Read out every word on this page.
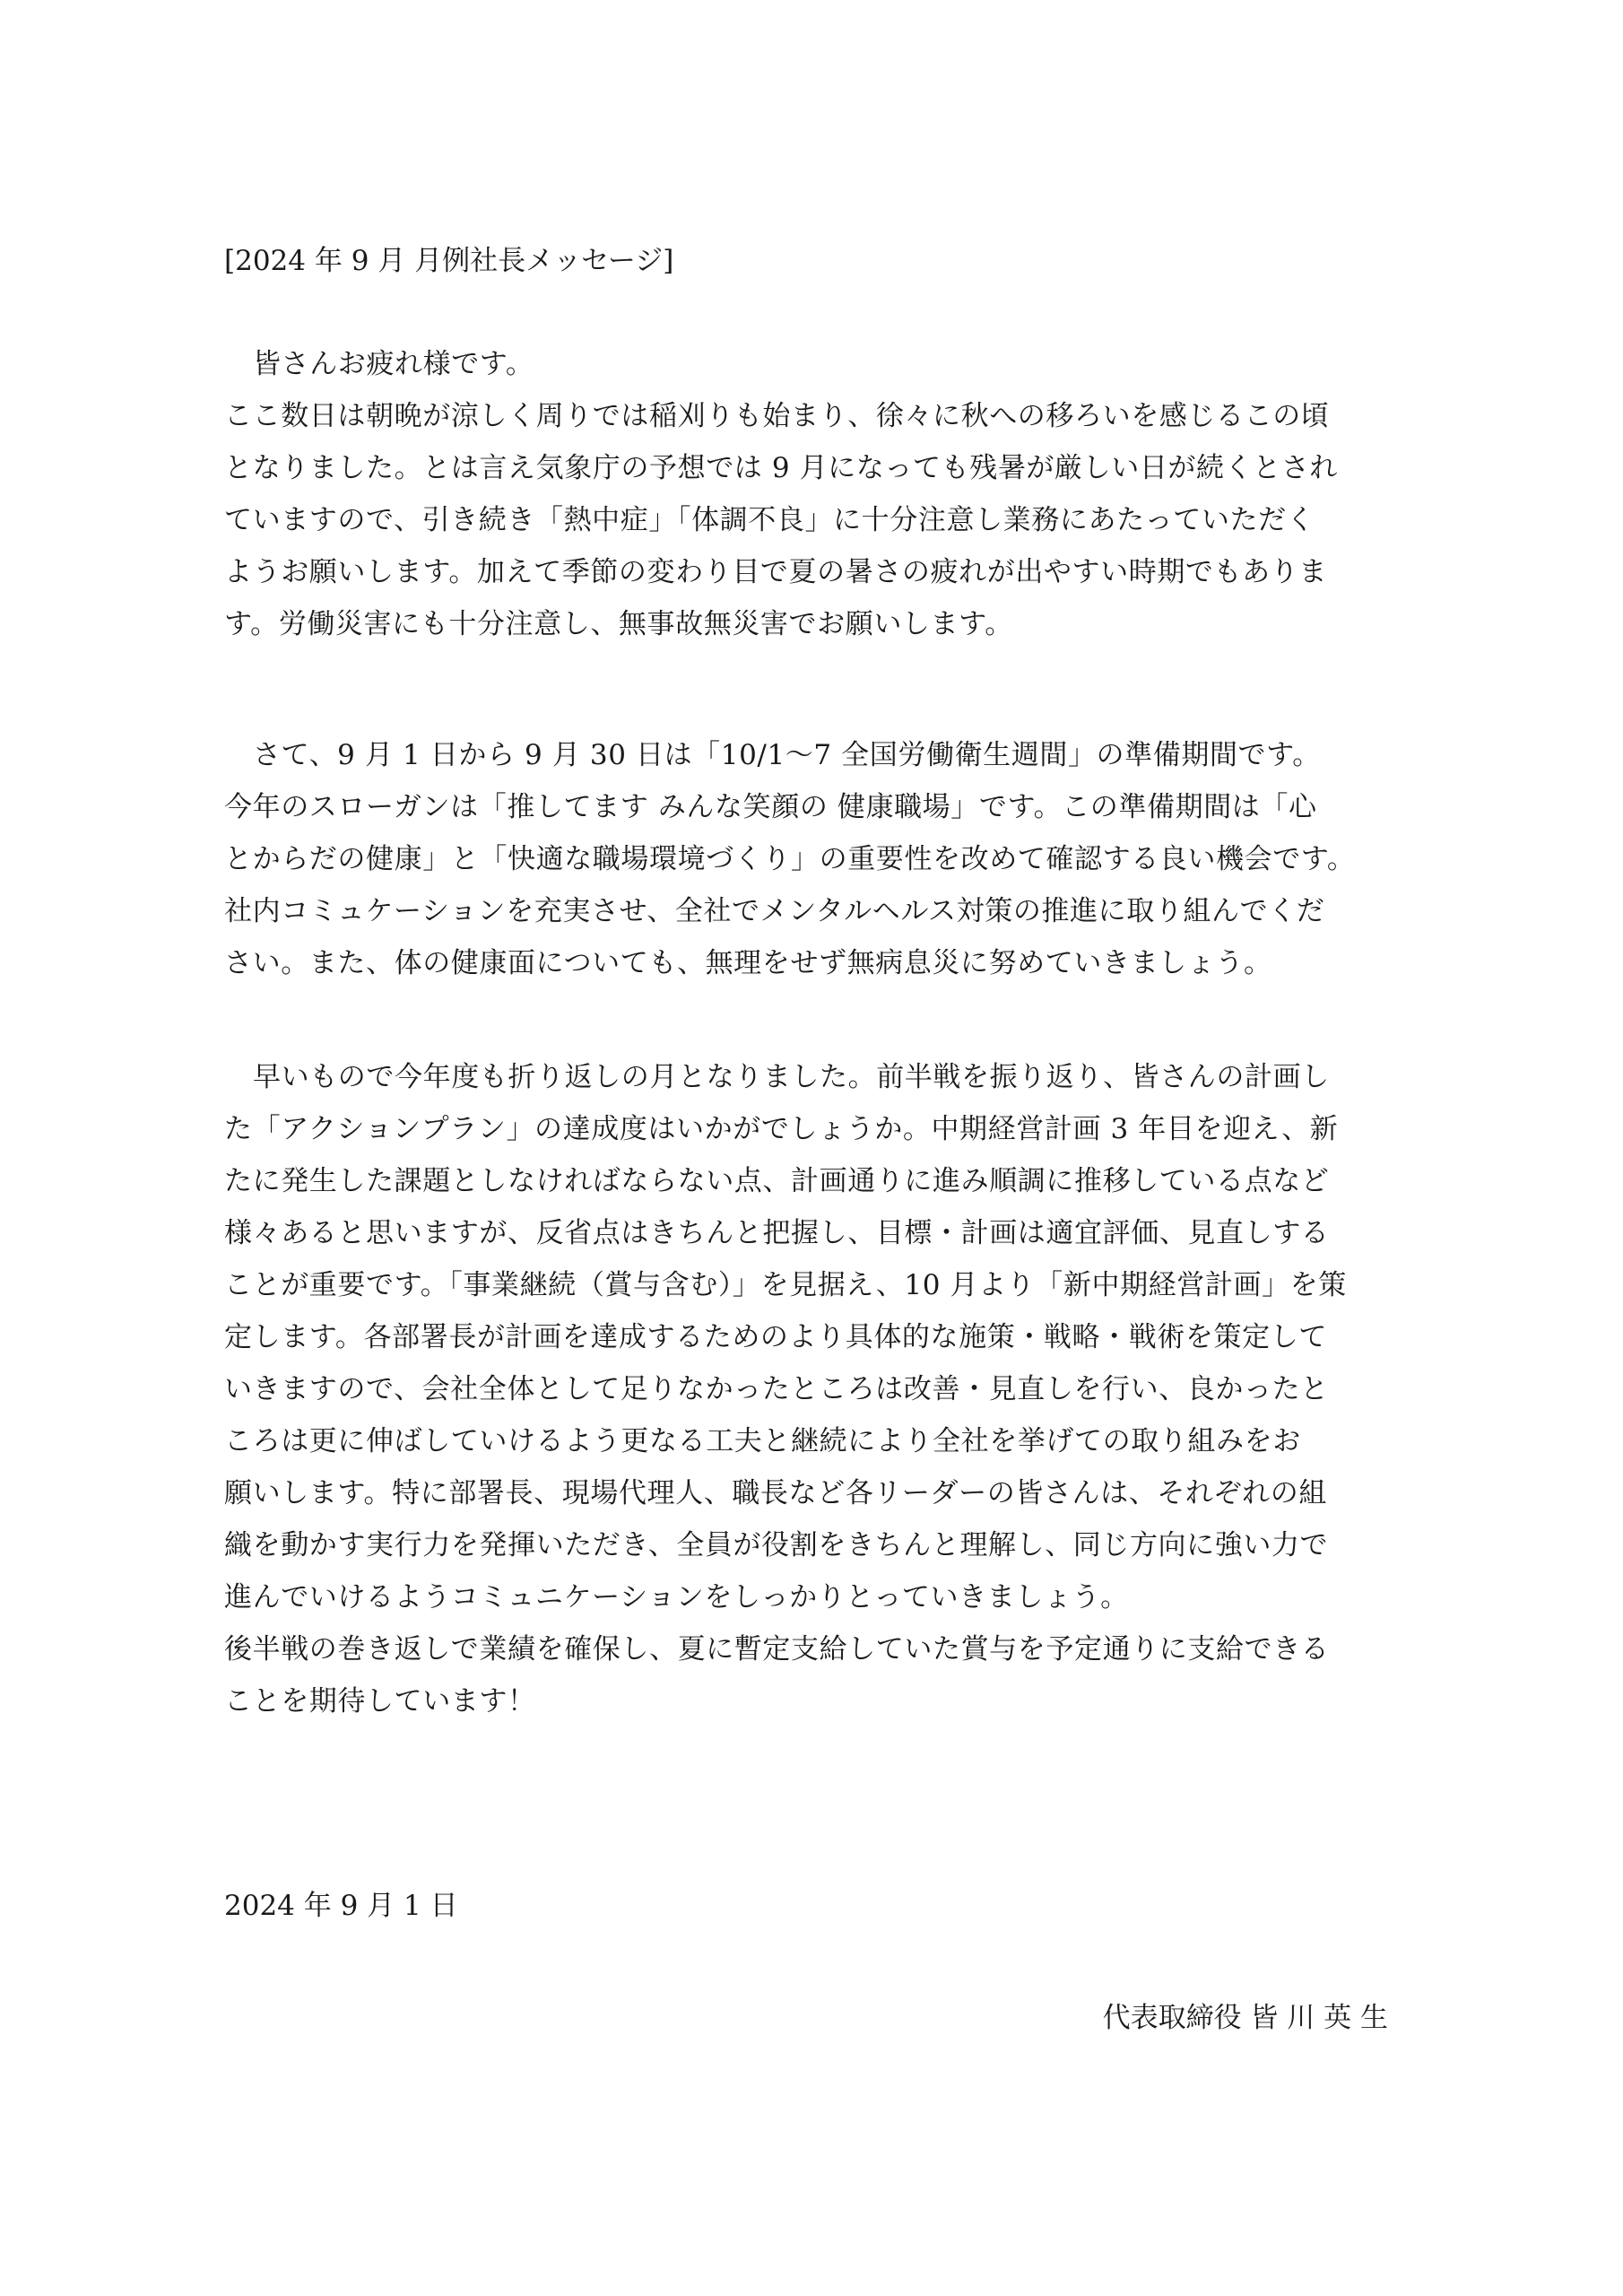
[2024 年 9 月 月例社長メッセージ]
皆さんお疲れ様です。
ここ数日は朝晩が涼しく周りでは稲刈りも始まり、徐々に秋への移ろいを感じるこの頃
となりました。とは言え気象庁の予想では 9 月になっても残暑が厳しい日が続くとされ
ていますので、引き続き「熱中症」「体調不良」に十分注意し業務にあたっていただく
ようお願いします。加えて季節の変わり目で夏の暑さの疲れが出やすい時期でもありま
す。労働災害にも十分注意し、無事故無災害でお願いします。
さて、9 月 1 日から 9 月 30 日は「10/1〜7 全国労働衛生週間」の準備期間です。
今年のスローガンは「推してます みんな笑顔の 健康職場」です。この準備期間は「心
とからだの健康」と「快適な職場環境づくり」の重要性を改めて確認する良い機会です。
社内コミュケーションを充実させ、全社でメンタルヘルス対策の推進に取り組んでくだ
さい。また、体の健康面についても、無理をせず無病息災に努めていきましょう。
早いもので今年度も折り返しの月となりました。前半戦を振り返り、皆さんの計画し
た「アクションプラン」の達成度はいかがでしょうか。中期経営計画 3 年目を迎え、新
たに発生した課題としなければならない点、計画通りに進み順調に推移している点など
様々あると思いますが、反省点はきちんと把握し、目標・計画は適宜評価、見直しする
ことが重要です。「事業継続（賞与含む）」を見据え、10 月より「新中期経営計画」を策
定します。各部署長が計画を達成するためのより具体的な施策・戦略・戦術を策定して
いきますので、会社全体として足りなかったところは改善・見直しを行い、良かったと
ころは更に伸ばしていけるよう更なる工夫と継続により全社を挙げての取り組みをお
願いします。特に部署長、現場代理人、職長など各リーダーの皆さんは、それぞれの組
織を動かす実行力を発揮いただき、全員が役割をきちんと理解し、同じ方向に強い力で
進んでいけるようコミュニケーションをしっかりとっていきましょう。
後半戦の巻き返しで業績を確保し、夏に暫定支給していた賞与を予定通りに支給できる
ことを期待しています！
2024 年 9 月 1 日
代表取締役 皆 川 英 生
